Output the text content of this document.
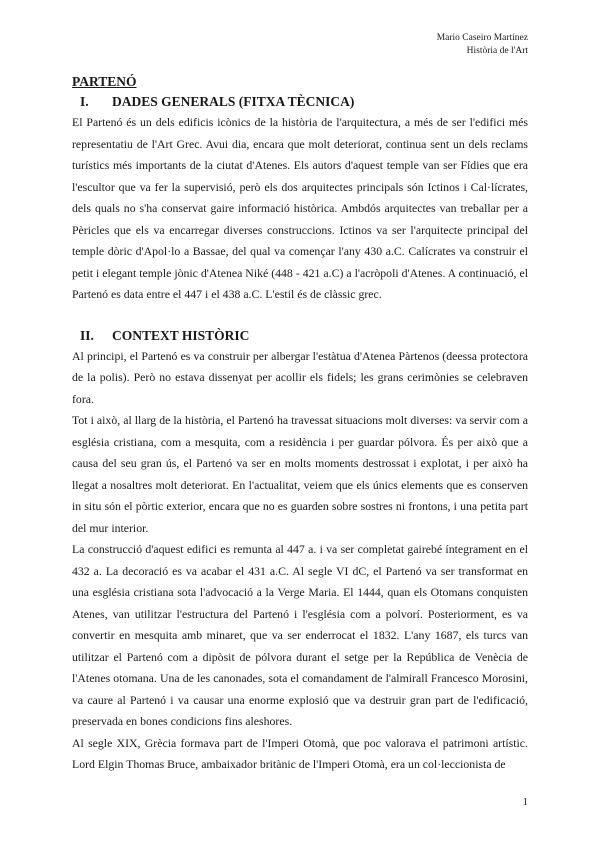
Mario Caseiro Martínez
Història de l'Art

PARTENÓ

I.	DADES GENERALS (FITXA TÈCNICA)

El Partenó és un dels edificis icònics de la història de l'arquitectura, a més de ser l'edifici més representatiu de l'Art Grec. Avui dia, encara que molt deteriorat, continua sent un dels reclams turístics més importants de la ciutat d'Atenes. Els autors d'aquest temple van ser Fídies que era l'escultor que va fer la supervisió, però els dos arquitectes principals són Ictinos i Cal·lícrates, dels quals no s'ha conservat gaire informació històrica. Ambdós arquitectes van treballar per a Pèricles que els va encarregar diverses construccions. Ictinos va ser l'arquitecte principal del temple dòric d'Apol·lo a Bassae, del qual va començar l'any 430 a.C. Calícrates va construir el petit i elegant temple jònic d'Atenea Niké (448 - 421 a.C) a l'acròpoli d'Atenes. A continuació, el Partenó es data entre el 447 i el 438 a.C. L'estil és de clàssic grec.

II.	CONTEXT HISTÒRIC

Al principi, el Partenó es va construir per albergar l'estàtua d'Atenea Pàrtenos (deessa protectora de la polis). Però no estava dissenyat per acollir els fidels; les grans cerimònies se celebraven fora.

Tot i això, al llarg de la història, el Partenó ha travessat situacions molt diverses: va servir com a església cristiana, com a mesquita, com a residència i per guardar pólvora. És per això que a causa del seu gran ús, el Partenó va ser en molts moments destrossat i explotat, i per això ha llegat a nosaltres molt deteriorat. En l'actualitat, veiem que els únics elements que es conserven in situ són el pòrtic exterior, encara que no es guarden sobre sostres ni frontons, i una petita part del mur interior.

La construcció d'aquest edifici es remunta al 447 a. i va ser completat gairebé íntegrament en el 432 a. La decoració es va acabar el 431 a.C. Al segle VI dC, el Partenó va ser transformat en una església cristiana sota l'advocació a la Verge Maria. El 1444, quan els Otomans conquisten Atenes, van utilitzar l'estructura del Partenó i l'església com a polvorí. Posteriorment, es va convertir en mesquita amb minaret, que va ser enderrocat el 1832. L'any 1687, els turcs van utilitzar el Partenó com a dipòsit de pólvora durant el setge per la República de Venècia de l'Atenes otomana. Una de les canonades, sota el comandament de l'almirall Francesco Morosini, va caure al Partenó i va causar una enorme explosió que va destruir gran part de l'edificació, preservada en bones condicions fins aleshores.

Al segle XIX, Grècia formava part de l'Imperi Otomà, que poc valorava el patrimoni artístic. Lord Elgin Thomas Bruce, ambaixador britànic de l'Imperi Otomà, era un col·leccionista de

1
